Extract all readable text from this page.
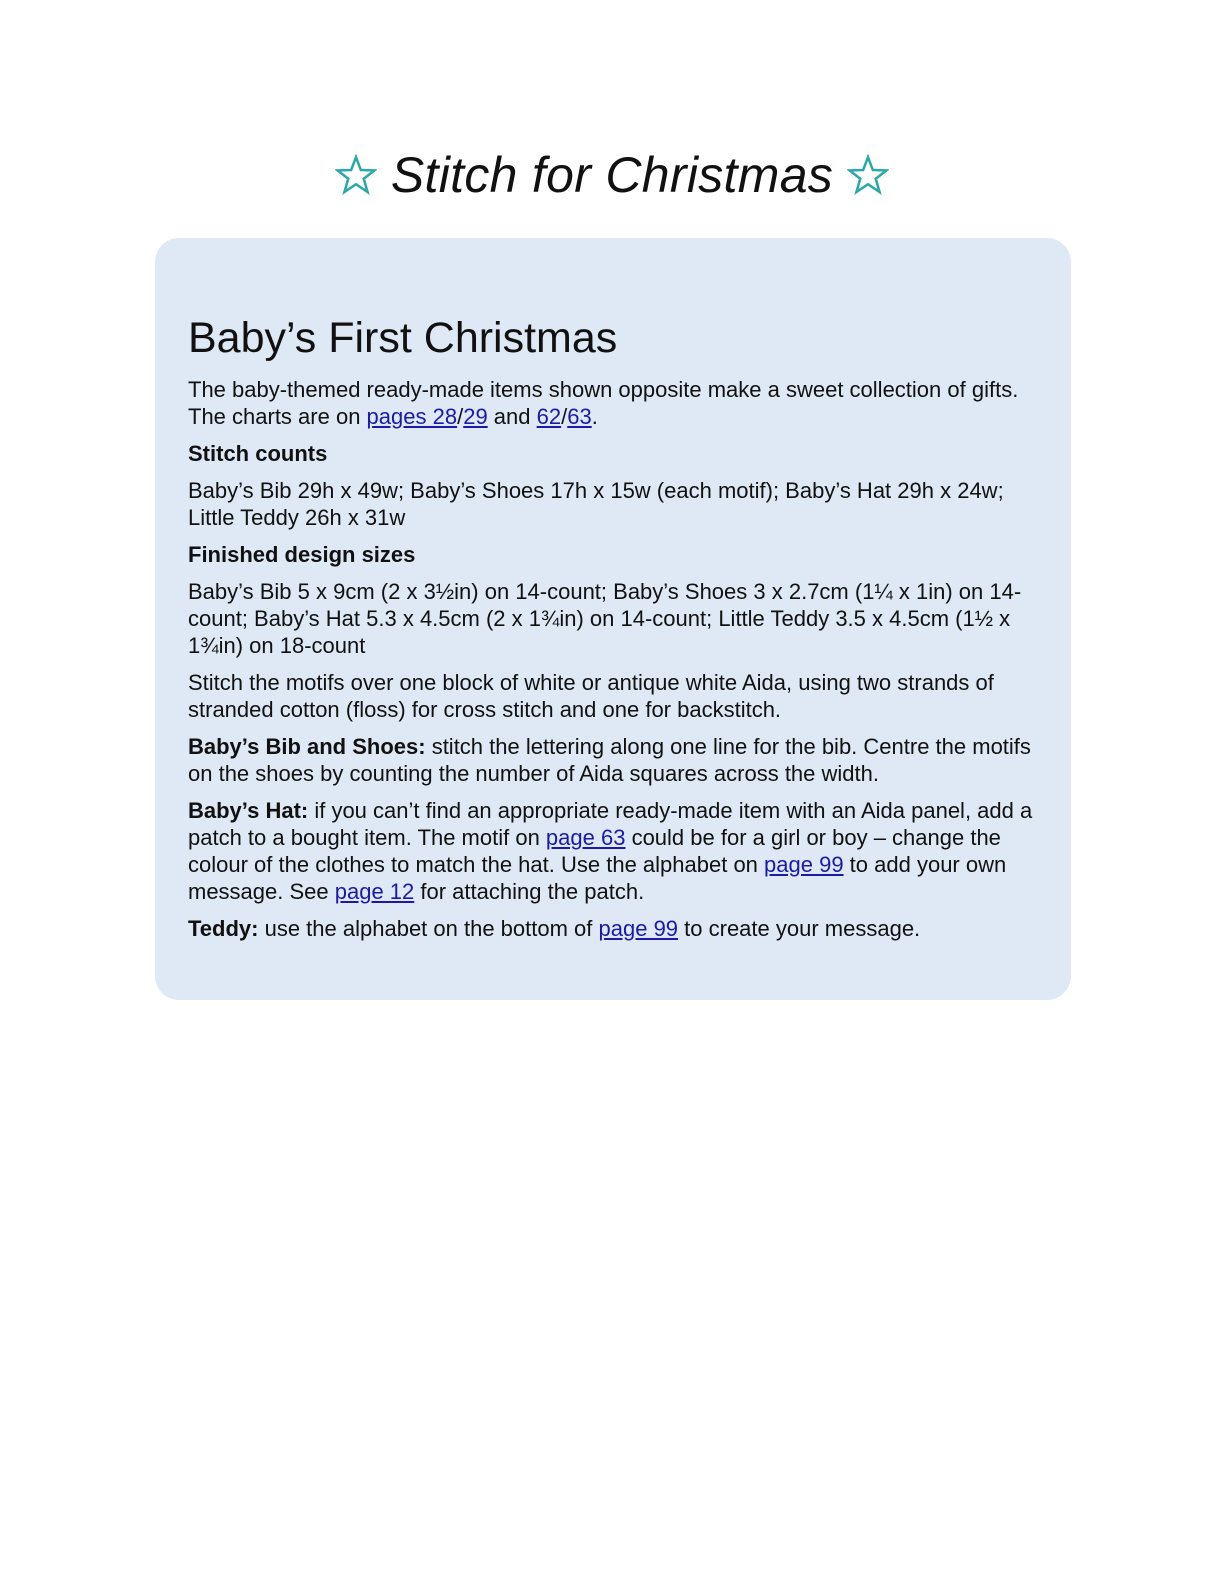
Stitch for Christmas
Baby’s First Christmas

The baby-themed ready-made items shown opposite make a sweet collection of gifts. The charts are on pages 28/29 and 62/63.

Stitch counts

Baby’s Bib 29h x 49w; Baby’s Shoes 17h x 15w (each motif); Baby’s Hat 29h x 24w; Little Teddy 26h x 31w

Finished design sizes

Baby’s Bib 5 x 9cm (2 x 3½in) on 14-count; Baby’s Shoes 3 x 2.7cm (1¼ x 1in) on 14-count; Baby’s Hat 5.3 x 4.5cm (2 x 1¾in) on 14-count; Little Teddy 3.5 x 4.5cm (1½ x 1¾in) on 18-count

Stitch the motifs over one block of white or antique white Aida, using two strands of stranded cotton (floss) for cross stitch and one for backstitch.

Baby’s Bib and Shoes: stitch the lettering along one line for the bib. Centre the motifs on the shoes by counting the number of Aida squares across the width.

Baby’s Hat: if you can’t find an appropriate ready-made item with an Aida panel, add a patch to a bought item. The motif on page 63 could be for a girl or boy – change the colour of the clothes to match the hat. Use the alphabet on page 99 to add your own message. See page 12 for attaching the patch.

Teddy: use the alphabet on the bottom of page 99 to create your message.
